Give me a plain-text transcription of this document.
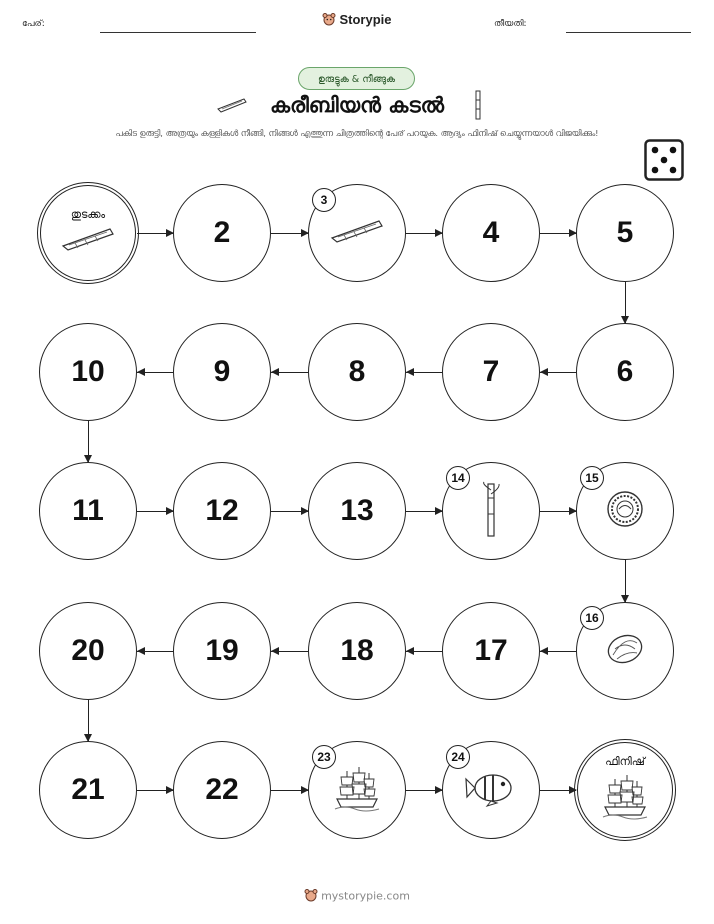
പേര്:	Storypie	തീയതി:
ഉരുട്ടുക & നീങ്ങുക
കരീബിയൻ കടൽ
പകിട ഉരുട്ടി, അത്രയും കള്ളികൾ നീങ്ങി, നിങ്ങൾ എത്തുന്ന ചിത്രത്തിന്റെ പേര് പറയുക. ആദ്യം ഫിനിഷ് ചെയ്യുന്നയാൾ വിജയിക്കും!
തുടക്കം
2
3
4	5
6
7
8
9
10
11	12	13
14	15
16
17
18
19
20
21	22
23	24	ഫിനിഷ്
mystorypie.com
